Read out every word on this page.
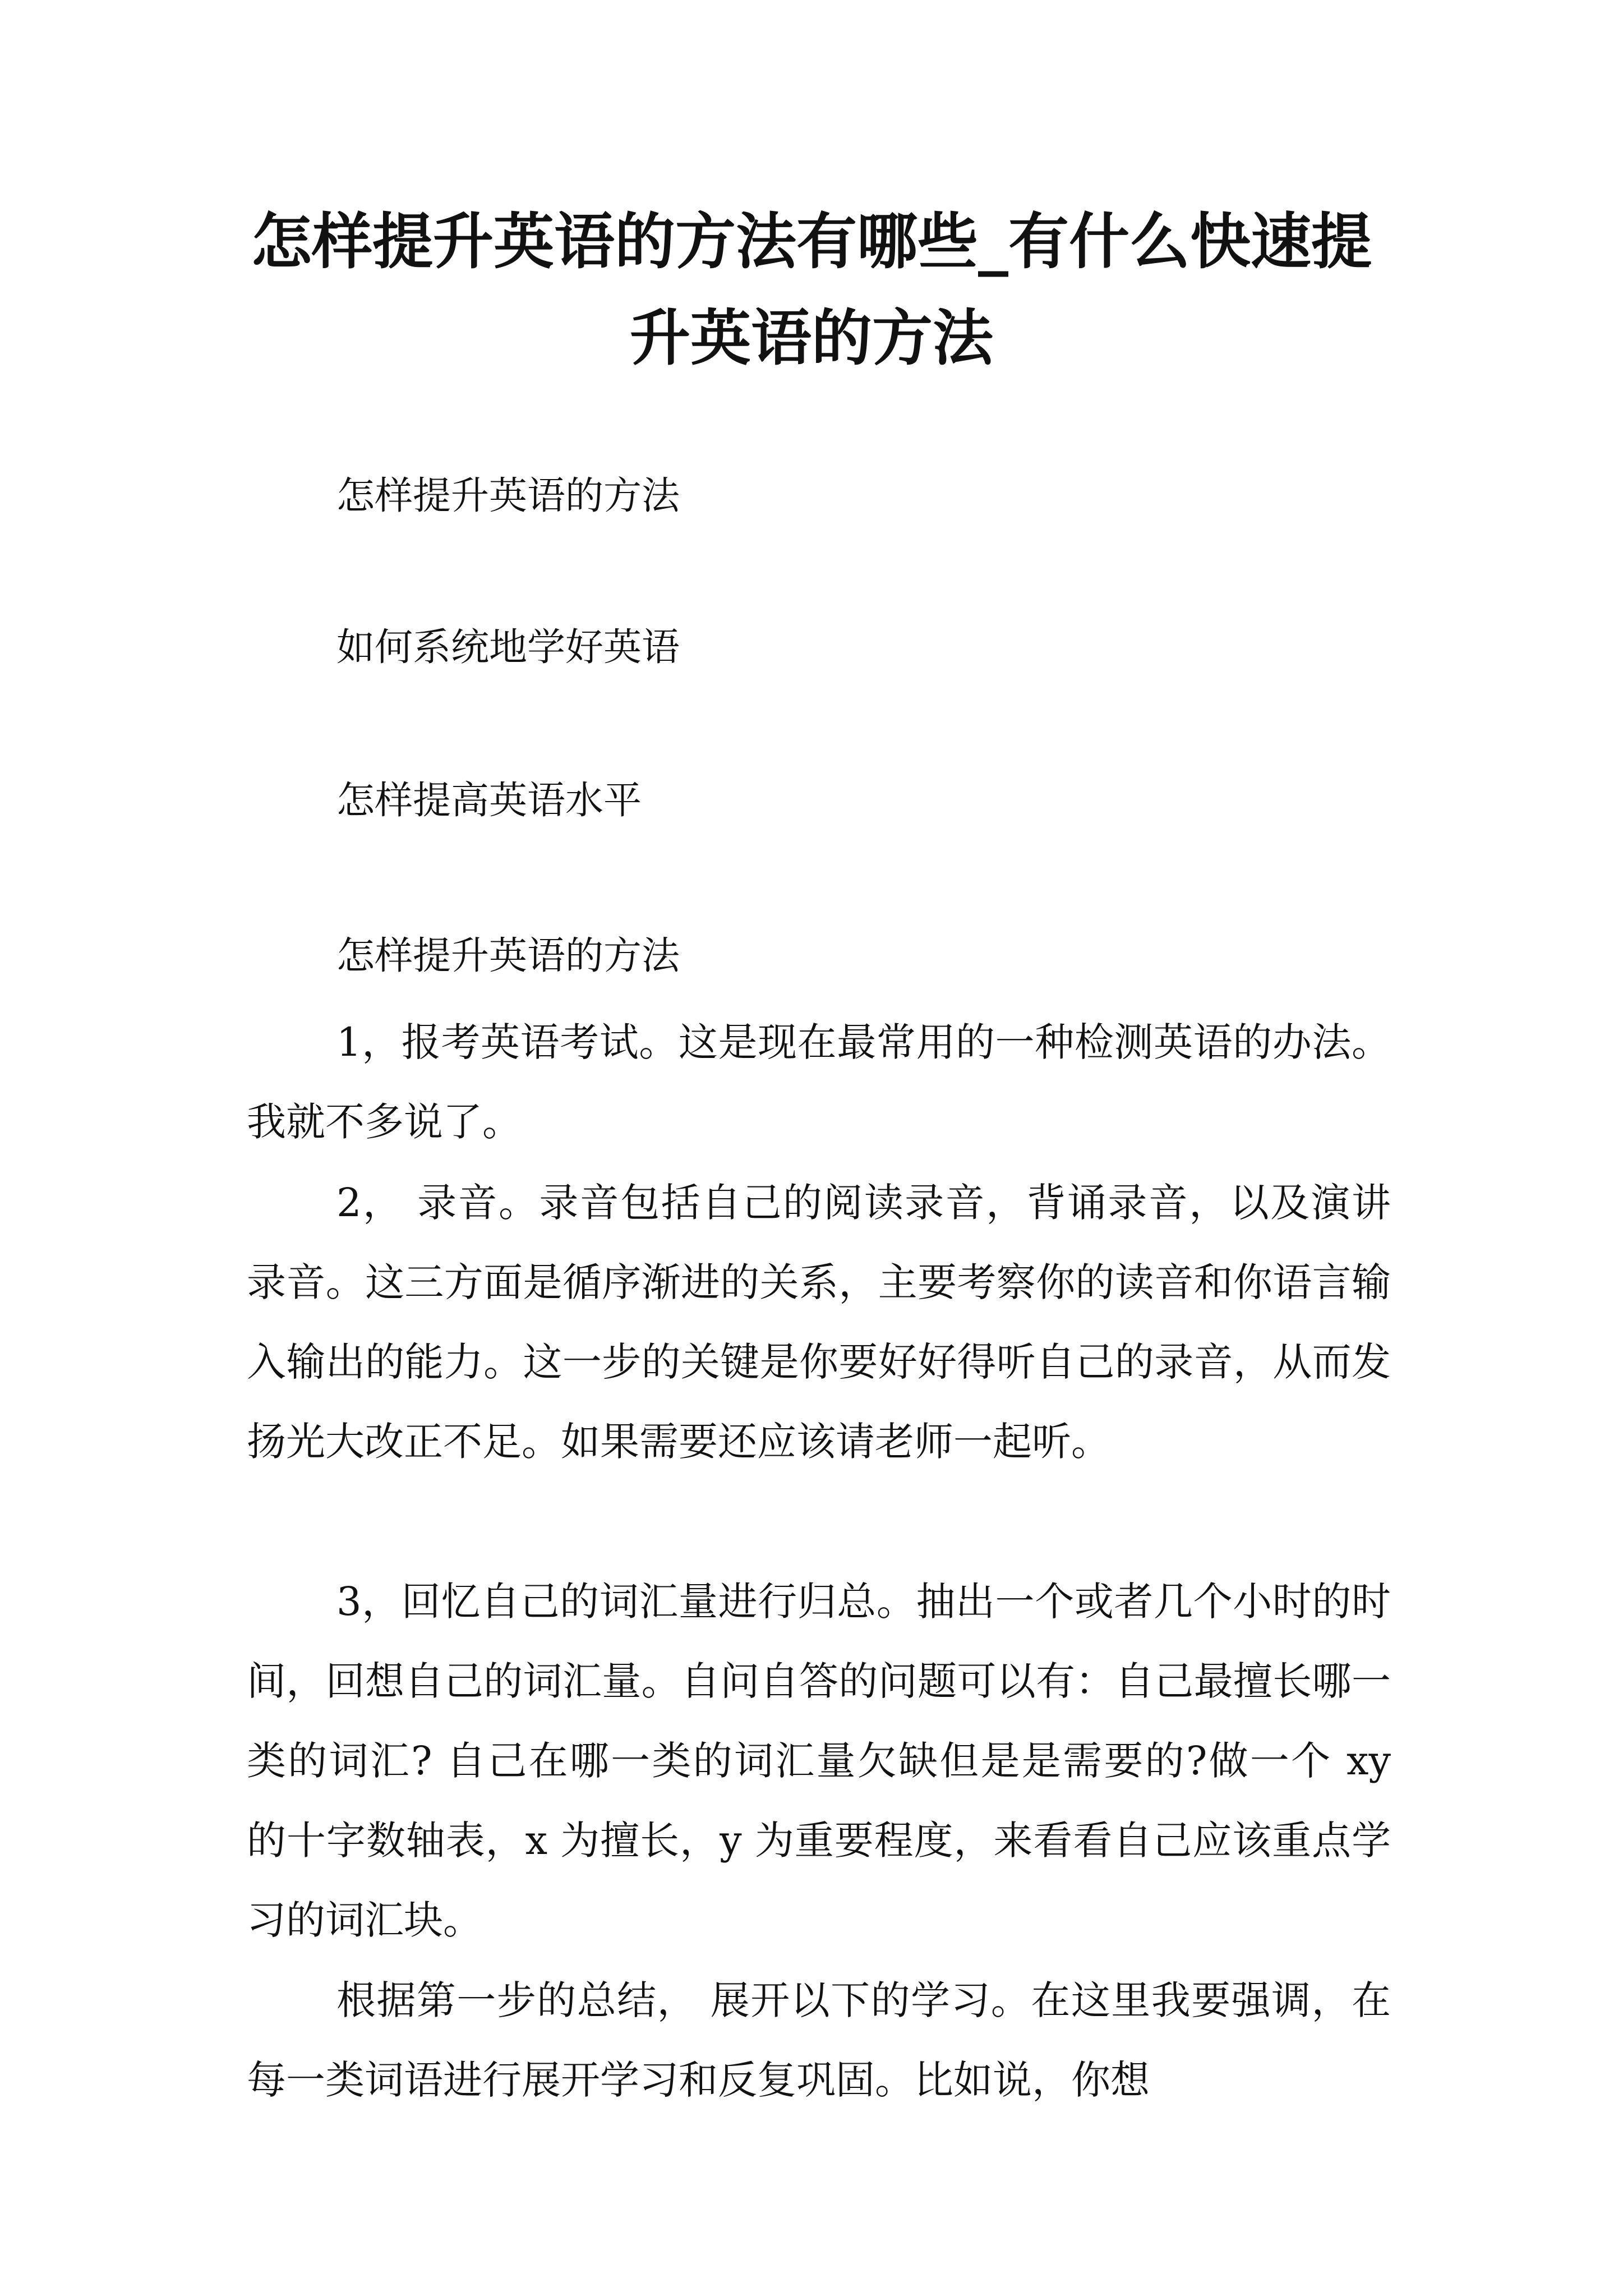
怎样提升英语的方法有哪些_有什么快速提升英语的方法
怎样提升英语的方法
如何系统地学好英语
怎样提高英语水平
怎样提升英语的方法

1，报考英语考试。这是现在最常用的一种检测英语的办法。我就不多说了。

2， 录音。录音包括自己的阅读录音，背诵录音，以及演讲录音。这三方面是循序渐进的关系，主要考察你的读音和你语言输入输出的能力。这一步的关键是你要好好得听自己的录音，从而发扬光大改正不足。如果需要还应该请老师一起听。

3，回忆自己的词汇量进行归总。抽出一个或者几个小时的时间，回想自己的词汇量。自问自答的问题可以有：自己最擅长哪一类的词汇? 自己在哪一类的词汇量欠缺但是是需要的?做一个 xy 的十字数轴表，x 为擅长，y 为重要程度，来看看自己应该重点学习的词汇块。

根据第一步的总结， 展开以下的学习。在这里我要强调，在每一类词语进行展开学习和反复巩固。比如说，你想
